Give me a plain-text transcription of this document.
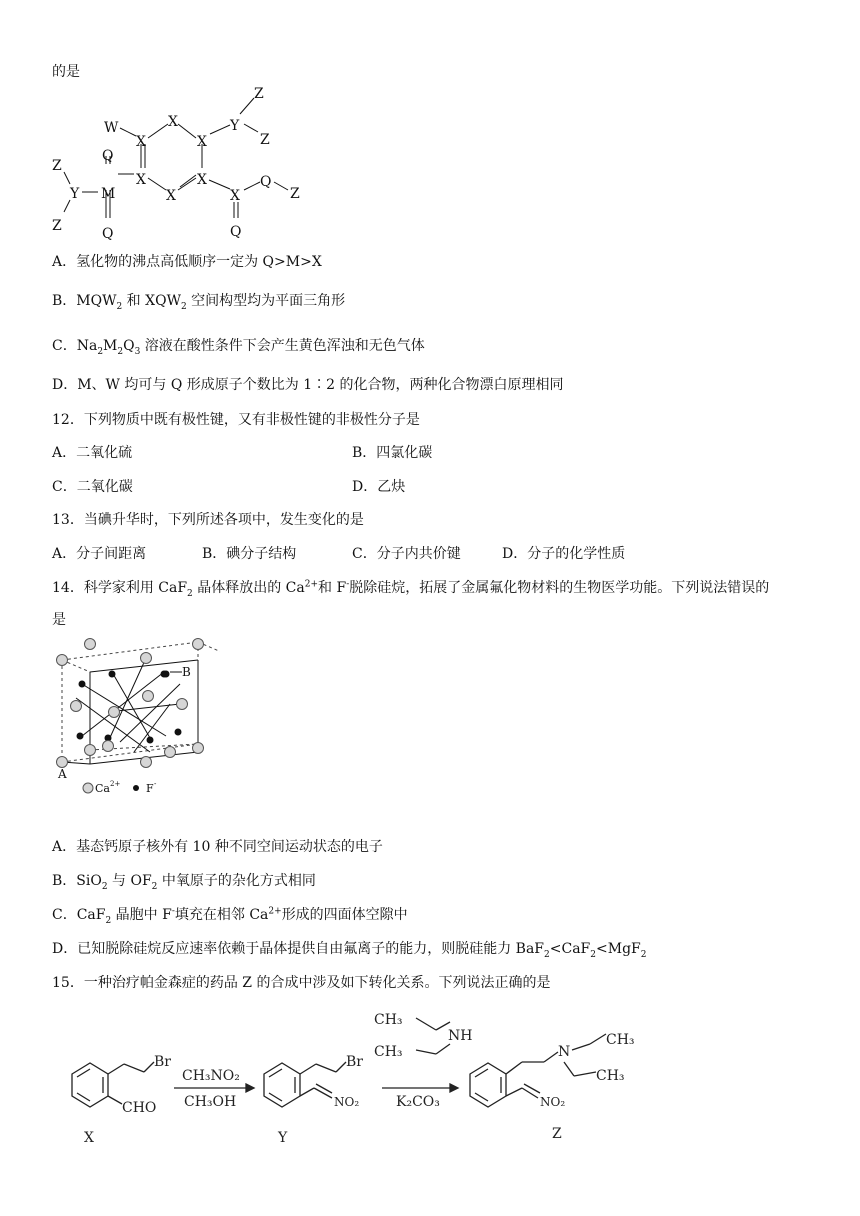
的是
W
X
X
X
X
X
X
Y
Z
Z
Q
M
Q
Y
Z
Z
X
Q
Q
Z
A．氢化物的沸点高低顺序一定为 Q>M>X
B．$MQW_2$ 和 $XQW_2$ 空间构型均为平面三角形
C．$Na_2M_2Q_3$ 溶液在酸性条件下会产生黄色浑浊和无色气体
D．M、W 均可与 Q 形成原子个数比为 1∶2 的化合物，两种化合物漂白原理相同
12．下列物质中既有极性键，又有非极性键的非极性分子是
A．二氧化硫	B．四氯化碳
C．二氧化碳	D．乙炔
13．当碘升华时，下列所述各项中，发生变化的是
A．分子间距离	B．碘分子结构	C．分子内共价键	D．分子的化学性质
14．科学家利用 CaF$_2$ 晶体释放出的 $Ca^{2+}$和 F-脱除硅烷，拓展了金属氟化物材料的生物医学功能。下列说法错误的
是
B
A
Ca 2+ F -
A．基态钙原子核外有 10 种不同空间运动状态的电子
B．SiO$_2$ 与 $OF_2$ 中氧原子的杂化方式相同
C．CaF$_2$ 晶胞中 F-填充在相邻 $Ca^{2+}$形成的四面体空隙中
D．已知脱除硅烷反应速率依赖于晶体提供自由氟离子的能力，则脱硅能力 BaF$_2$<CaF$_2$<MgF$_2$
15．一种治疗帕金森症的药品 Z 的合成中涉及如下转化关系。下列说法正确的是
Br
CHO
X
CH₃NO₂
CH₃OH
Br
NO₂
Y
CH₃
NH
CH₃
K₂CO₃
N
CH₃
CH₃
NO₂
Z
